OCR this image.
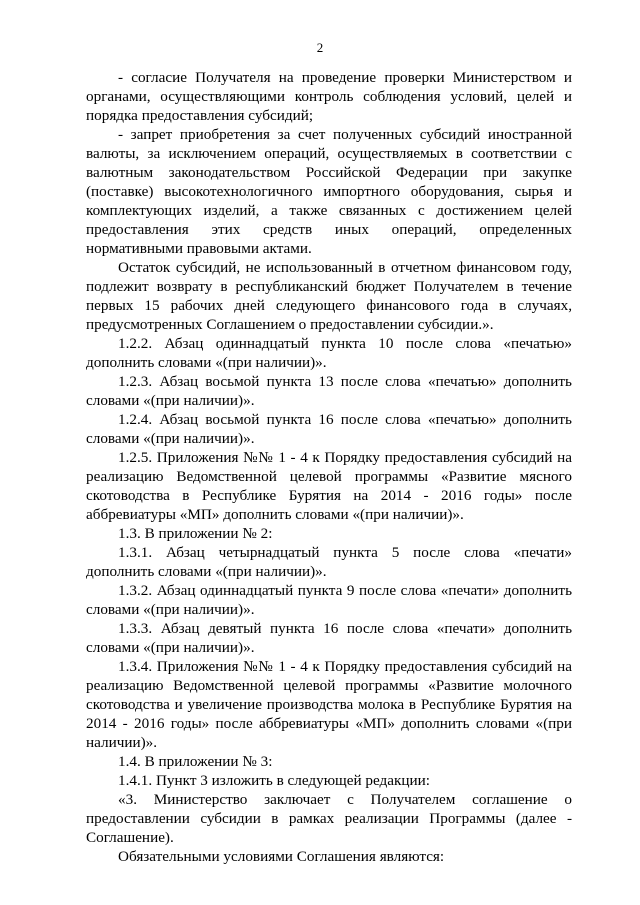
2

- согласие Получателя на проведение проверки Министерством и органами, осуществляющими контроль соблюдения условий, целей и порядка предоставления субсидий;

- запрет приобретения за счет полученных субсидий иностранной валюты, за исключением операций, осуществляемых в соответствии с валютным законодательством Российской Федерации при закупке (поставке) высокотехнологичного импортного оборудования, сырья и комплектующих изделий, а также связанных с достижением целей предоставления этих средств иных операций, определенных нормативными правовыми актами.

Остаток субсидий, не использованный в отчетном финансовом году, подлежит возврату в республиканский бюджет Получателем в течение первых 15 рабочих дней следующего финансового года в случаях, предусмотренных Соглашением о предоставлении субсидии.».

1.2.2. Абзац одиннадцатый пункта 10 после слова «печатью» дополнить словами «(при наличии)».

1.2.3. Абзац восьмой пункта 13 после слова «печатью» дополнить словами «(при наличии)».

1.2.4. Абзац восьмой пункта 16 после слова «печатью» дополнить словами «(при наличии)».

1.2.5. Приложения №№ 1 - 4 к Порядку предоставления субсидий на реализацию Ведомственной целевой программы «Развитие мясного скотоводства в Республике Бурятия на 2014 - 2016 годы» после аббревиатуры «МП» дополнить словами «(при наличии)».

1.3. В приложении № 2:

1.3.1. Абзац четырнадцатый пункта 5 после слова «печати» дополнить словами «(при наличии)».

1.3.2. Абзац одиннадцатый пункта 9 после слова «печати» дополнить словами «(при наличии)».

1.3.3. Абзац девятый пункта 16 после слова «печати» дополнить словами «(при наличии)».

1.3.4. Приложения №№ 1 - 4 к Порядку предоставления субсидий на реализацию Ведомственной целевой программы «Развитие молочного скотоводства и увеличение производства молока в Республике Бурятия на 2014 - 2016 годы» после аббревиатуры «МП» дополнить словами «(при наличии)».

1.4. В приложении № 3:

1.4.1. Пункт 3 изложить в следующей редакции:

«3. Министерство заключает с Получателем соглашение о предоставлении субсидии в рамках реализации Программы (далее - Соглашение).

Обязательными условиями Соглашения являются:
